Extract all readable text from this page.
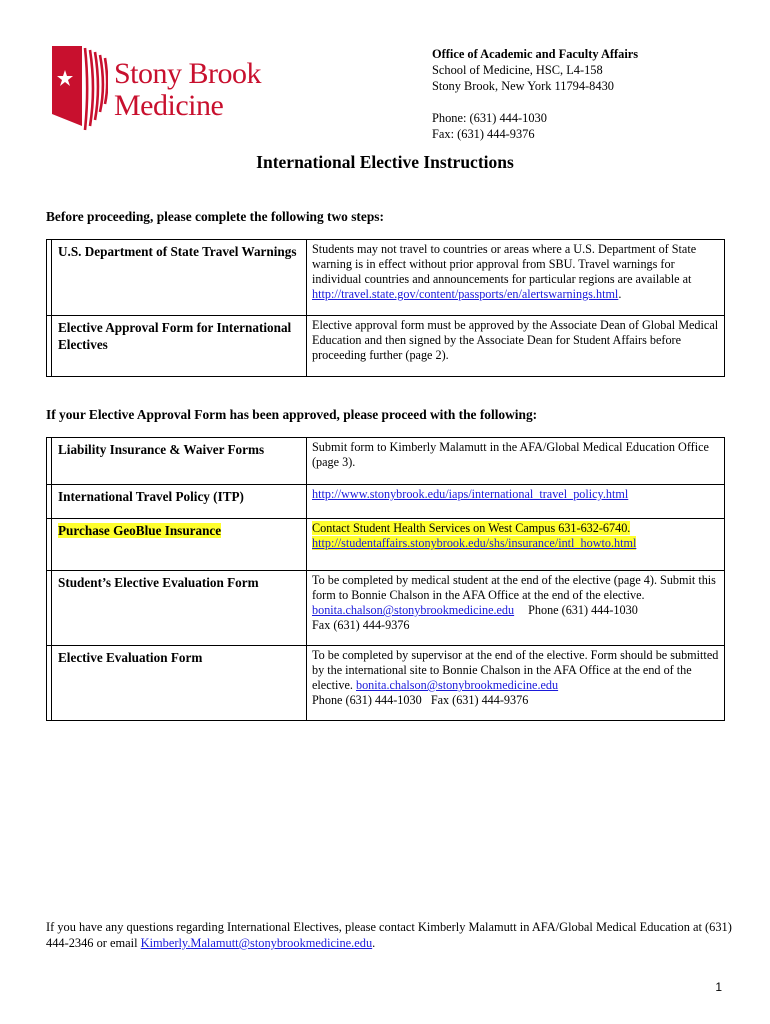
Stony Brook
Medicine
Office of Academic and Faculty Affairs
School of Medicine, HSC, L4-158
Stony Brook, New York 11794-8430
Phone: (631) 444-1030
Fax: (631) 444-9376
International Elective Instructions
Before proceeding, please complete the following two steps:
	U.S. Department of State Travel Warnings	Students may not travel to countries or areas where a U.S. Department of State warning is in effect without prior approval from SBU. Travel warnings for individual countries and announcements for particular regions are available at http://travel.state.gov/content/passports/en/alertswarnings.html.
	Elective Approval Form for International Electives	Elective approval form must be approved by the Associate Dean of Global Medical Education and then signed by the Associate Dean for Student Affairs before proceeding further (page 2).
If your Elective Approval Form has been approved, please proceed with the following:
	Liability Insurance & Waiver Forms	Submit form to Kimberly Malamutt in the AFA/Global Medical Education Office (page 3).
	International Travel Policy (ITP)	http://www.stonybrook.edu/iaps/international_travel_policy.html
	Purchase GeoBlue Insurance	Contact Student Health Services on West Campus 631-632-6740.
http://studentaffairs.stonybrook.edu/shs/insurance/intl_howto.html
	Student’s Elective Evaluation Form	To be completed by medical student at the end of the elective (page 4). Submit this form to Bonnie Chalson in the AFA Office at the end of the elective.
bonita.chalson@stonybrookmedicine.edu Phone (631) 444-1030
Fax (631) 444-9376
	Elective Evaluation Form	To be completed by supervisor at the end of the elective. Form should be submitted by the international site to Bonnie Chalson in the AFA Office at the end of the elective. bonita.chalson@stonybrookmedicine.edu
Phone (631) 444-1030   Fax (631) 444-9376
If you have any questions regarding International Electives, please contact Kimberly Malamutt in AFA/Global Medical Education at (631) 444-2346 or email Kimberly.Malamutt@stonybrookmedicine.edu.
1
